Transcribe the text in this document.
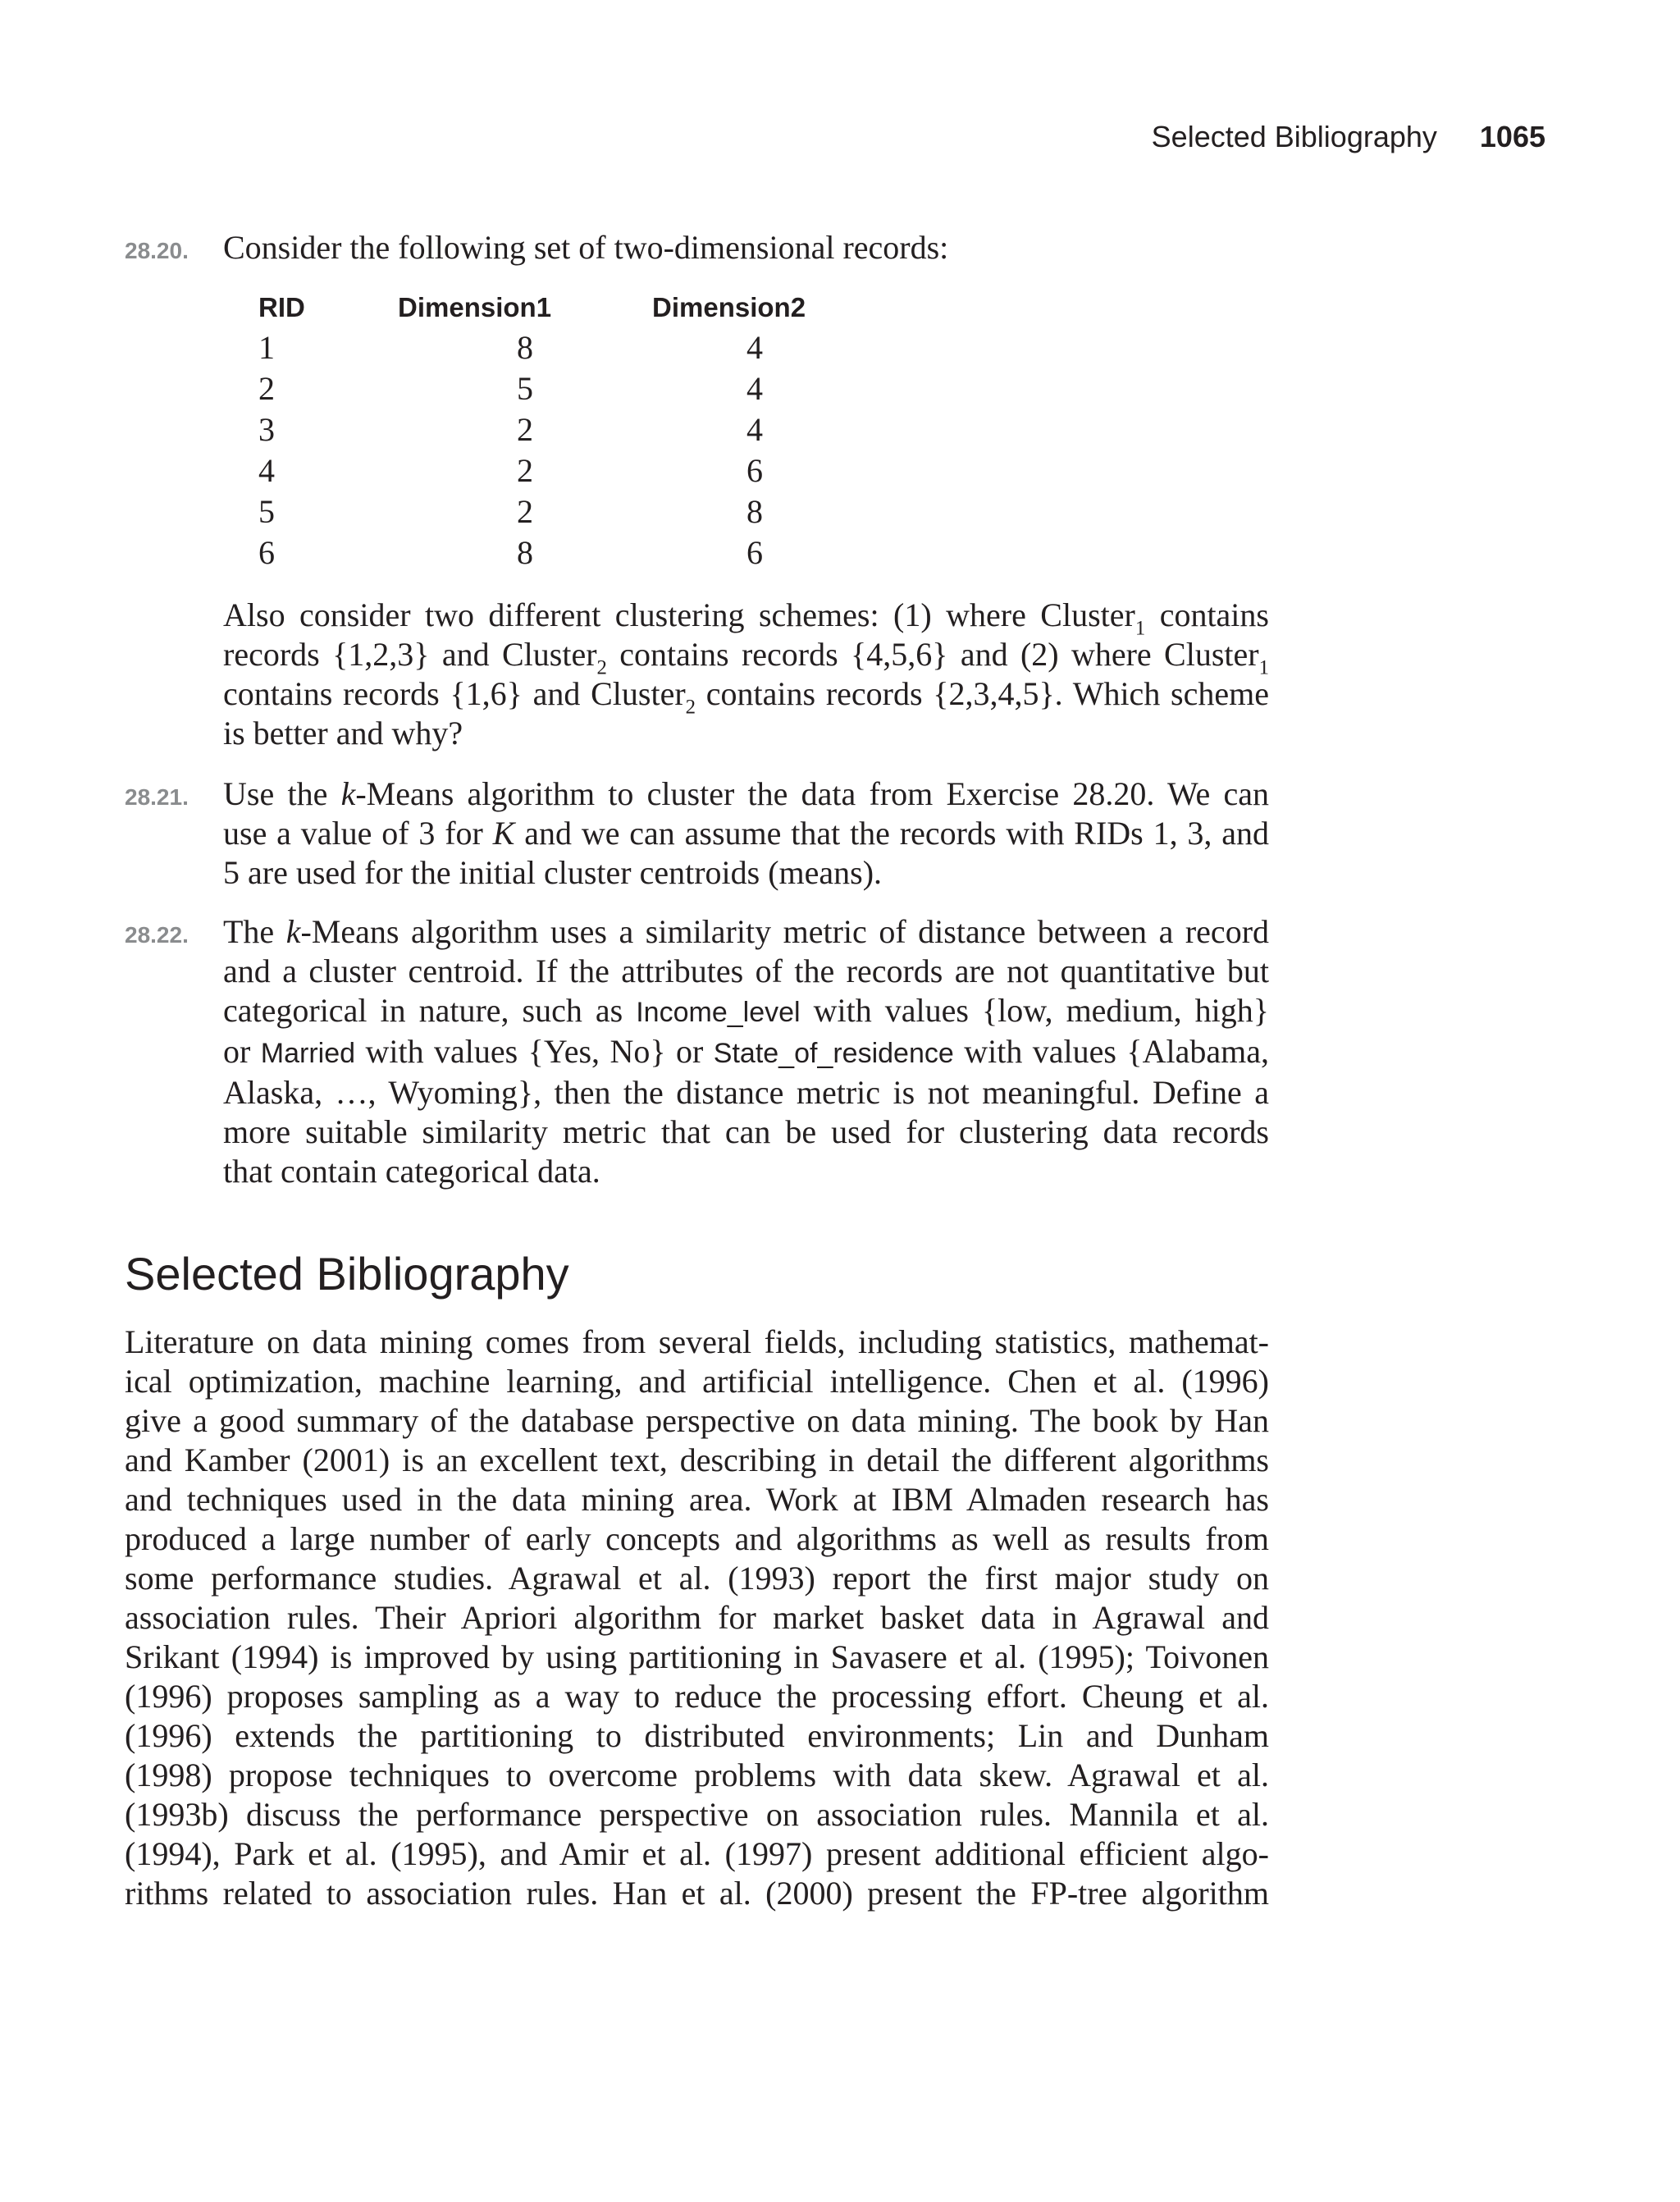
Selected Bibliography 1065
28.20.	Consider the following set of two-dimensional records:
RID	Dimension1	Dimension2
1	8	4
2	5	4
3	2	4
4	2	6
5	2	8
6	8	6
Also consider two different clustering schemes: (1) where Cluster$_1$ contains
records {1,2,3} and Cluster$_2$ contains records {4,5,6} and (2) where Cluster$_1$
contains records {1,6} and Cluster$_2$ contains records {2,3,4,5}. Which scheme
is better and why?
28.21.	Use the k-Means algorithm to cluster the data from Exercise 28.20. We can
use a value of 3 for K and we can assume that the records with RIDs 1, 3, and
5 are used for the initial cluster centroids (means).
28.22.	The k-Means algorithm uses a similarity metric of distance between a record
and a cluster centroid. If the attributes of the records are not quantitative but
categorical in nature, such as Income_level with values {low, medium, high}
or Married with values {Yes, No} or State_of_residence with values {Alabama,
Alaska, …, Wyoming}, then the distance metric is not meaningful. Define a
more suitable similarity metric that can be used for clustering data records
that contain categorical data.
Selected Bibliography
Literature on data mining comes from several fields, including statistics, mathemat-
ical optimization, machine learning, and artificial intelligence. Chen et al. (1996)
give a good summary of the database perspective on data mining. The book by Han
and Kamber (2001) is an excellent text, describing in detail the different algorithms
and techniques used in the data mining area. Work at IBM Almaden research has
produced a large number of early concepts and algorithms as well as results from
some performance studies. Agrawal et al. (1993) report the first major study on
association rules. Their Apriori algorithm for market basket data in Agrawal and
Srikant (1994) is improved by using partitioning in Savasere et al. (1995); Toivonen
(1996) proposes sampling as a way to reduce the processing effort. Cheung et al.
(1996) extends the partitioning to distributed environments; Lin and Dunham
(1998) propose techniques to overcome problems with data skew. Agrawal et al.
(1993b) discuss the performance perspective on association rules. Mannila et al.
(1994), Park et al. (1995), and Amir et al. (1997) present additional efficient algo-
rithms related to association rules. Han et al. (2000) present the FP-tree algorithm
